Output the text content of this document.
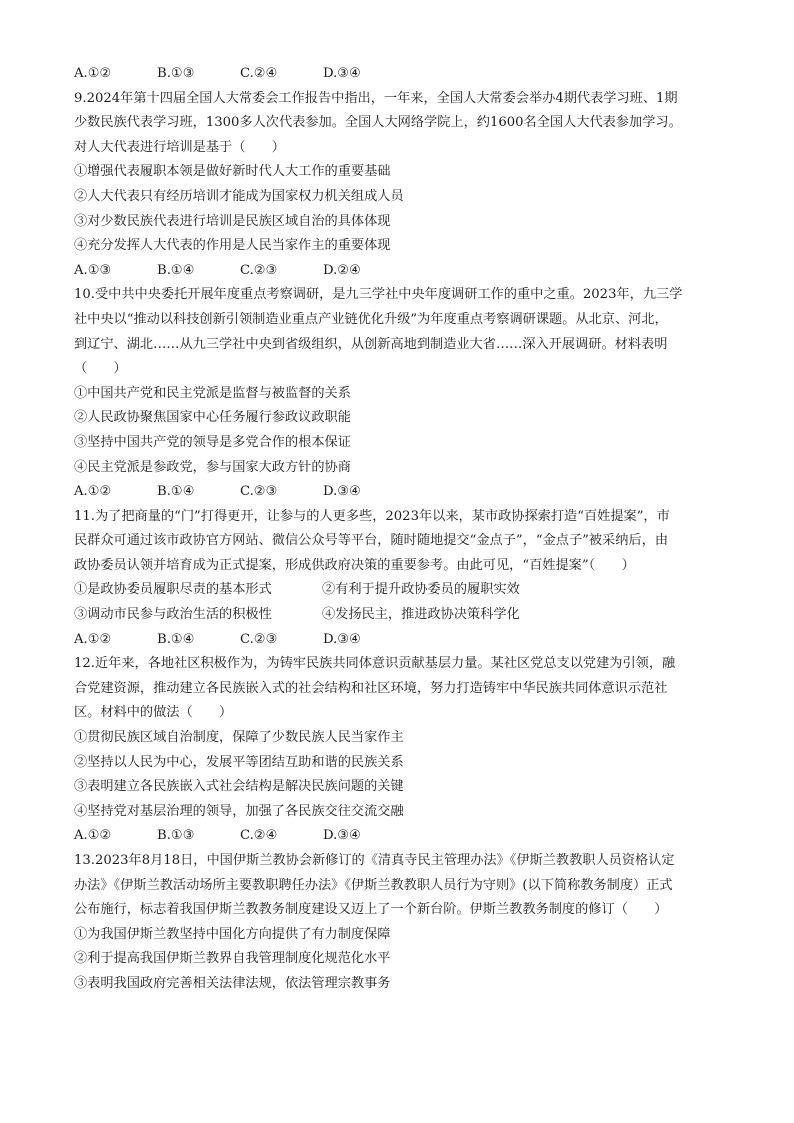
A.①②	B.①③	C.②④	D.③④
9.2024年第十四届全国人大常委会工作报告中指出，一年来，全国人大常委会举办4期代表学习班、1期
少数民族代表学习班，1300多人次代表参加。全国人大网络学院上，约1600名全国人大代表参加学习。
对人大代表进行培训是基于（　　）
①增强代表履职本领是做好新时代人大工作的重要基础
②人大代表只有经历培训才能成为国家权力机关组成人员
③对少数民族代表进行培训是民族区域自治的具体体现
④充分发挥人大代表的作用是人民当家作主的重要体现
A.①③	B.①④	C.②③	D.②④
10.受中共中央委托开展年度重点考察调研，是九三学社中央年度调研工作的重中之重。2023年，九三学
社中央以“推动以科技创新引领制造业重点产业链优化升级”为年度重点考察调研课题。从北京、河北，
到辽宁、湖北……从九三学社中央到省级组织，从创新高地到制造业大省……深入开展调研。材料表明
（　　）
①中国共产党和民主党派是监督与被监督的关系
②人民政协聚焦国家中心任务履行参政议政职能
③坚持中国共产党的领导是多党合作的根本保证
④民主党派是参政党，参与国家大政方针的协商
A.①②	B.①④	C.②③	D.③④
11.为了把商量的“门”打得更开，让参与的人更多些，2023年以来，某市政协探索打造“百姓提案”，市
民群众可通过该市政协官方网站、微信公众号等平台，随时随地提交“金点子”，“金点子”被采纳后，由
政协委员认领并培育成为正式提案，形成供政府决策的重要参考。由此可见，“百姓提案”（　　）
①是政协委员履职尽责的基本形式	②有利于提升政协委员的履职实效
③调动市民参与政治生活的积极性	④发扬民主，推进政协决策科学化
A.①②	B.①④	C.②③	D.③④
12.近年来，各地社区积极作为，为铸牢民族共同体意识贡献基层力量。某社区党总支以党建为引领，融
合党建资源，推动建立各民族嵌入式的社会结构和社区环境，努力打造铸牢中华民族共同体意识示范社
区。材料中的做法（　　）
①贯彻民族区域自治制度，保障了少数民族人民当家作主
②坚持以人民为中心，发展平等团结互助和谐的民族关系
③表明建立各民族嵌入式社会结构是解决民族问题的关键
④坚持党对基层治理的领导，加强了各民族交往交流交融
A.①②	B.①③	C.②④	D.③④
13.2023年8月18日，中国伊斯兰教协会新修订的《清真寺民主管理办法》《伊斯兰教教职人员资格认定
办法》《伊斯兰教活动场所主要教职聘任办法》《伊斯兰教教职人员行为守则》(以下简称教务制度）正式
公布施行，标志着我国伊斯兰教教务制度建设又迈上了一个新台阶。伊斯兰教教务制度的修订（　　）
①为我国伊斯兰教坚持中国化方向提供了有力制度保障
②利于提高我国伊斯兰教界自我管理制度化规范化水平
③表明我国政府完善相关法律法规，依法管理宗教事务
